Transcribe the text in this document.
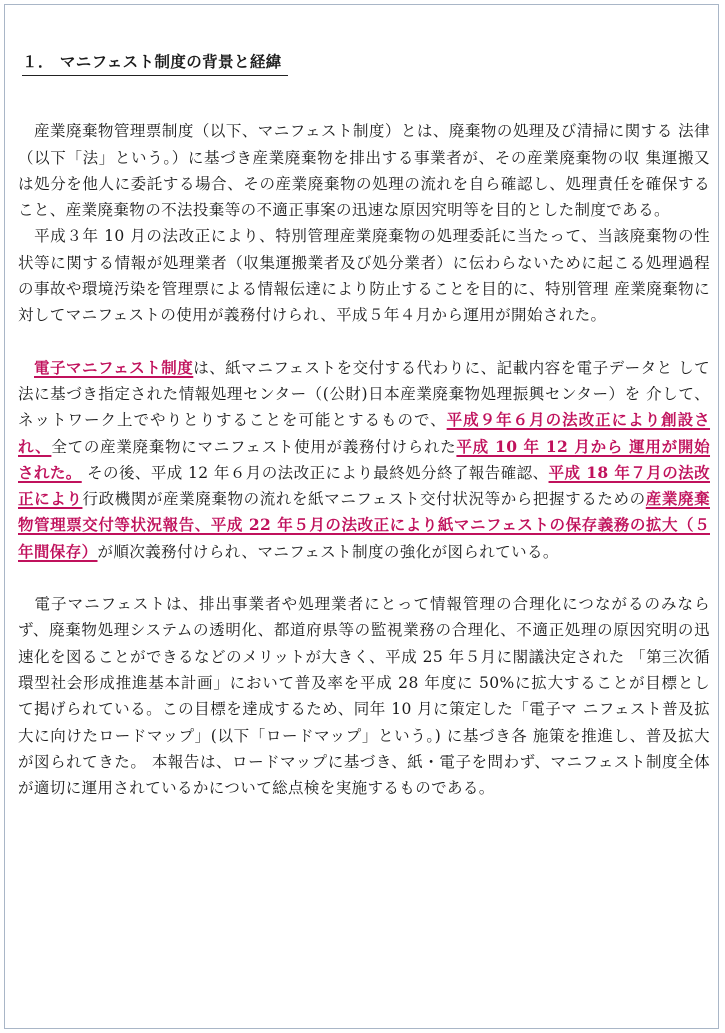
１． マニフェスト制度の背景と経緯

　産業廃棄物管理票制度（以下、マニフェスト制度）とは、廃棄物の処理及び清掃に関する 法律（以下「法」という。）に基づき産業廃棄物を排出する事業者が、その産業廃棄物の収 集運搬又は処分を他人に委託する場合、その産業廃棄物の処理の流れを自ら確認し、処理責任を確保すること、産業廃棄物の不法投棄等の不適正事案の迅速な原因究明等を目的とした制度である。

　平成３年 10 月の法改正により、特別管理産業廃棄物の処理委託に当たって、当該廃棄物の性状等に関する情報が処理業者（収集運搬業者及び処分業者）に伝わらないために起こる処理過程の事故や環境汚染を管理票による情報伝達により防止することを目的に、特別管理 産業廃棄物に対してマニフェストの使用が義務付けられ、平成５年４月から運用が開始された。

　電子マニフェスト制度は、紙マニフェストを交付する代わりに、記載内容を電子データと して法に基づき指定された情報処理センター（(公財)日本産業廃棄物処理振興センター）を 介して、ネットワーク上でやりとりすることを可能とするもので、平成９年６月の法改正により創設され、全ての産業廃棄物にマニフェスト使用が義務付けられた平成 10 年 12 月から 運用が開始された。 その後、平成 12 年６月の法改正により最終処分終了報告確認、平成 18 年７月の法改正により行政機関が産業廃棄物の流れを紙マニフェスト交付状況等から把握するための産業廃棄物管理票交付等状況報告、平成 22 年５月の法改正により紙マニフェストの保存義務の拡大（５年間保存）が順次義務付けられ、マニフェスト制度の強化が図られている。

　電子マニフェストは、排出事業者や処理業者にとって情報管理の合理化につながるのみならず、廃棄物処理システムの透明化、都道府県等の監視業務の合理化、不適正処理の原因究明の迅速化を図ることができるなどのメリットが大きく、平成 25 年５月に閣議決定された 「第三次循環型社会形成推進基本計画」において普及率を平成 28 年度に 50%に拡大することが目標として掲げられている。この目標を達成するため、同年 10 月に策定した「電子マ ニフェスト普及拡大に向けたロードマップ」(以下「ロードマップ」という。) に基づき各 施策を推進し、普及拡大が図られてきた。 本報告は、ロードマップに基づき、紙・電子を問わず、マニフェスト制度全体が適切に運用されているかについて総点検を実施するものである。
